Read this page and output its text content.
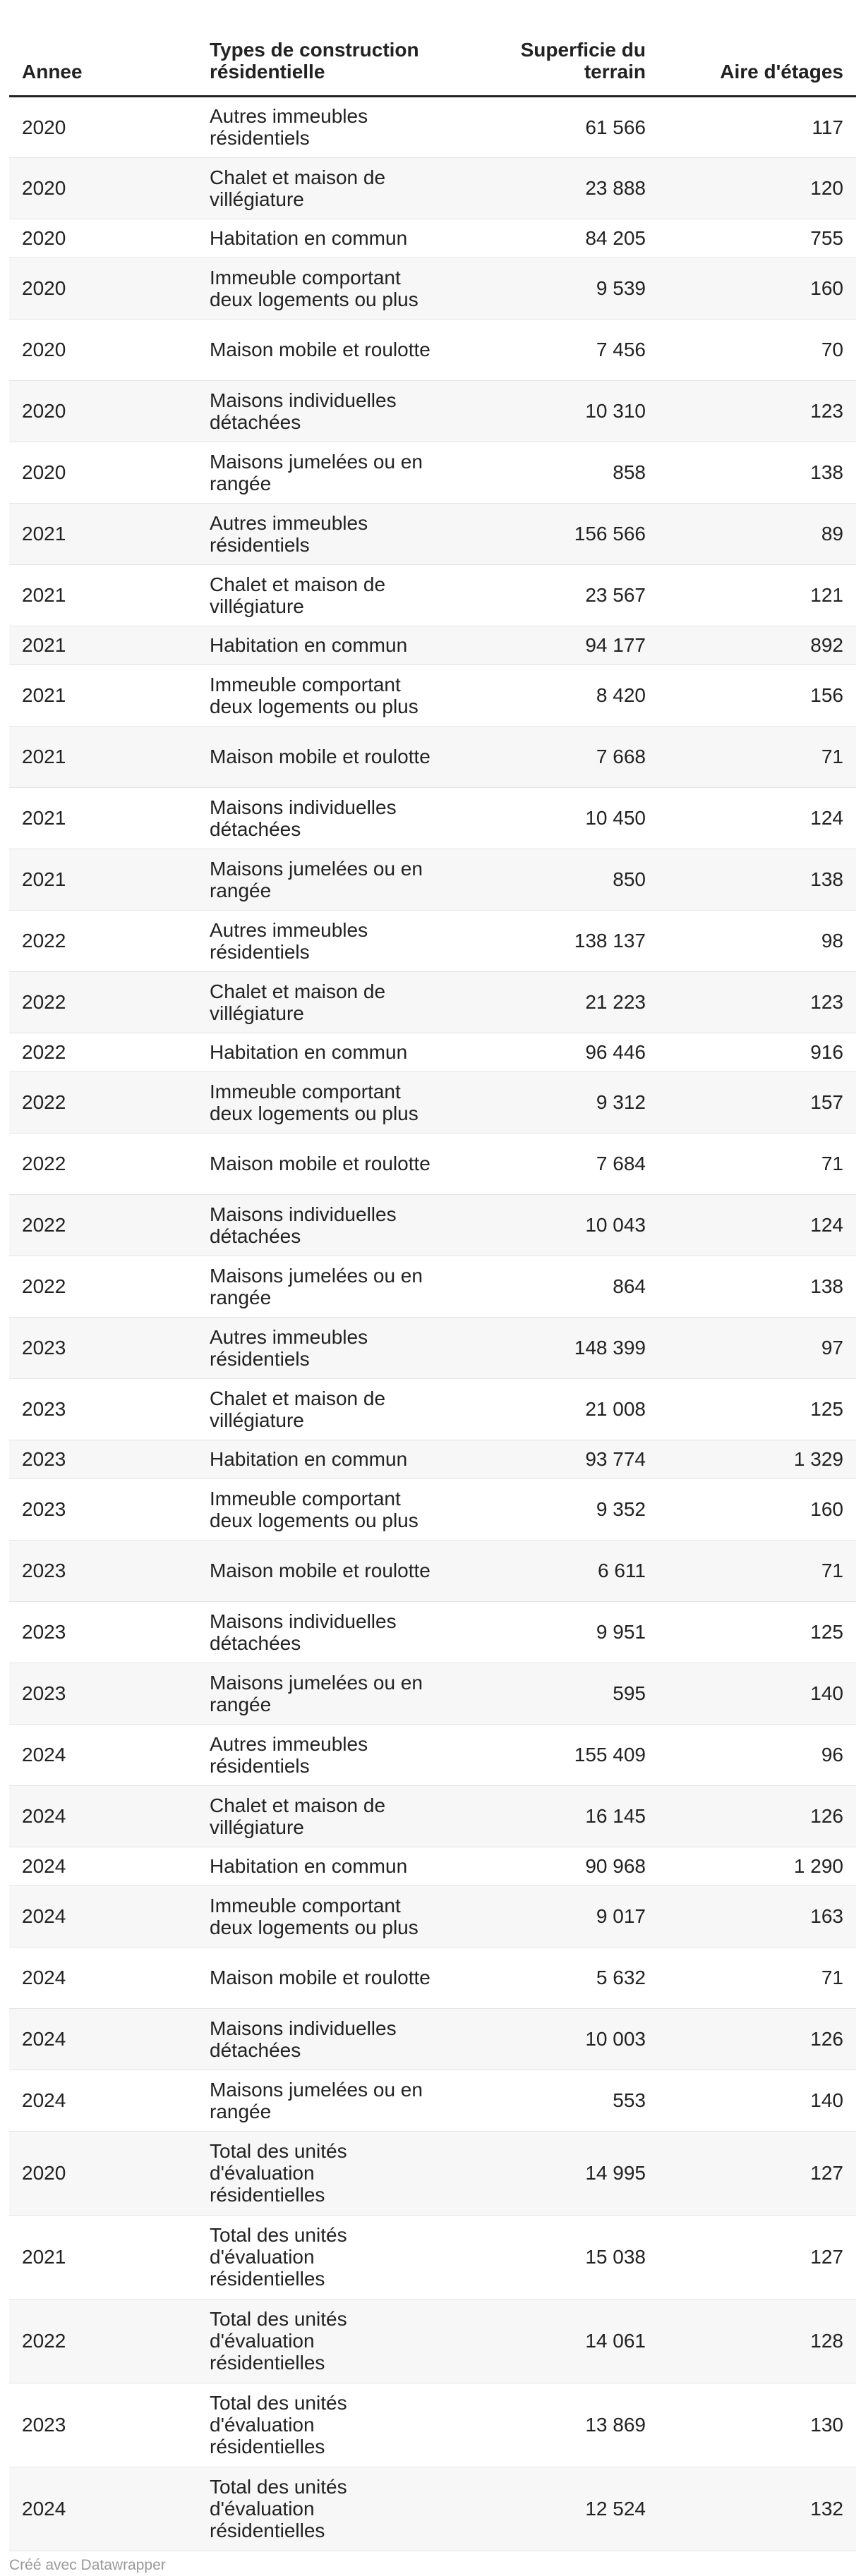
Annee	Types de construction résidentielle	Superficie du terrain	Aire d'étages
2020	Autres immeubles résidentiels	61 566	117
2020	Chalet et maison de villégiature	23 888	120
2020	Habitation en commun	84 205	755
2020	Immeuble comportant deux logements ou plus	9 539	160
2020	Maison mobile et roulotte	7 456	70
2020	Maisons individuelles détachées	10 310	123
2020	Maisons jumelées ou en rangée	858	138
2021	Autres immeubles résidentiels	156 566	89
2021	Chalet et maison de villégiature	23 567	121
2021	Habitation en commun	94 177	892
2021	Immeuble comportant deux logements ou plus	8 420	156
2021	Maison mobile et roulotte	7 668	71
2021	Maisons individuelles détachées	10 450	124
2021	Maisons jumelées ou en rangée	850	138
2022	Autres immeubles résidentiels	138 137	98
2022	Chalet et maison de villégiature	21 223	123
2022	Habitation en commun	96 446	916
2022	Immeuble comportant deux logements ou plus	9 312	157
2022	Maison mobile et roulotte	7 684	71
2022	Maisons individuelles détachées	10 043	124
2022	Maisons jumelées ou en rangée	864	138
2023	Autres immeubles résidentiels	148 399	97
2023	Chalet et maison de villégiature	21 008	125
2023	Habitation en commun	93 774	1 329
2023	Immeuble comportant deux logements ou plus	9 352	160
2023	Maison mobile et roulotte	6 611	71
2023	Maisons individuelles détachées	9 951	125
2023	Maisons jumelées ou en rangée	595	140
2024	Autres immeubles résidentiels	155 409	96
2024	Chalet et maison de villégiature	16 145	126
2024	Habitation en commun	90 968	1 290
2024	Immeuble comportant deux logements ou plus	9 017	163
2024	Maison mobile et roulotte	5 632	71
2024	Maisons individuelles détachées	10 003	126
2024	Maisons jumelées ou en rangée	553	140
2020	Total des unités d'évaluation résidentielles	14 995	127
2021	Total des unités d'évaluation résidentielles	15 038	127
2022	Total des unités d'évaluation résidentielles	14 061	128
2023	Total des unités d'évaluation résidentielles	13 869	130
2024	Total des unités d'évaluation résidentielles	12 524	132
Créé avec Datawrapper
